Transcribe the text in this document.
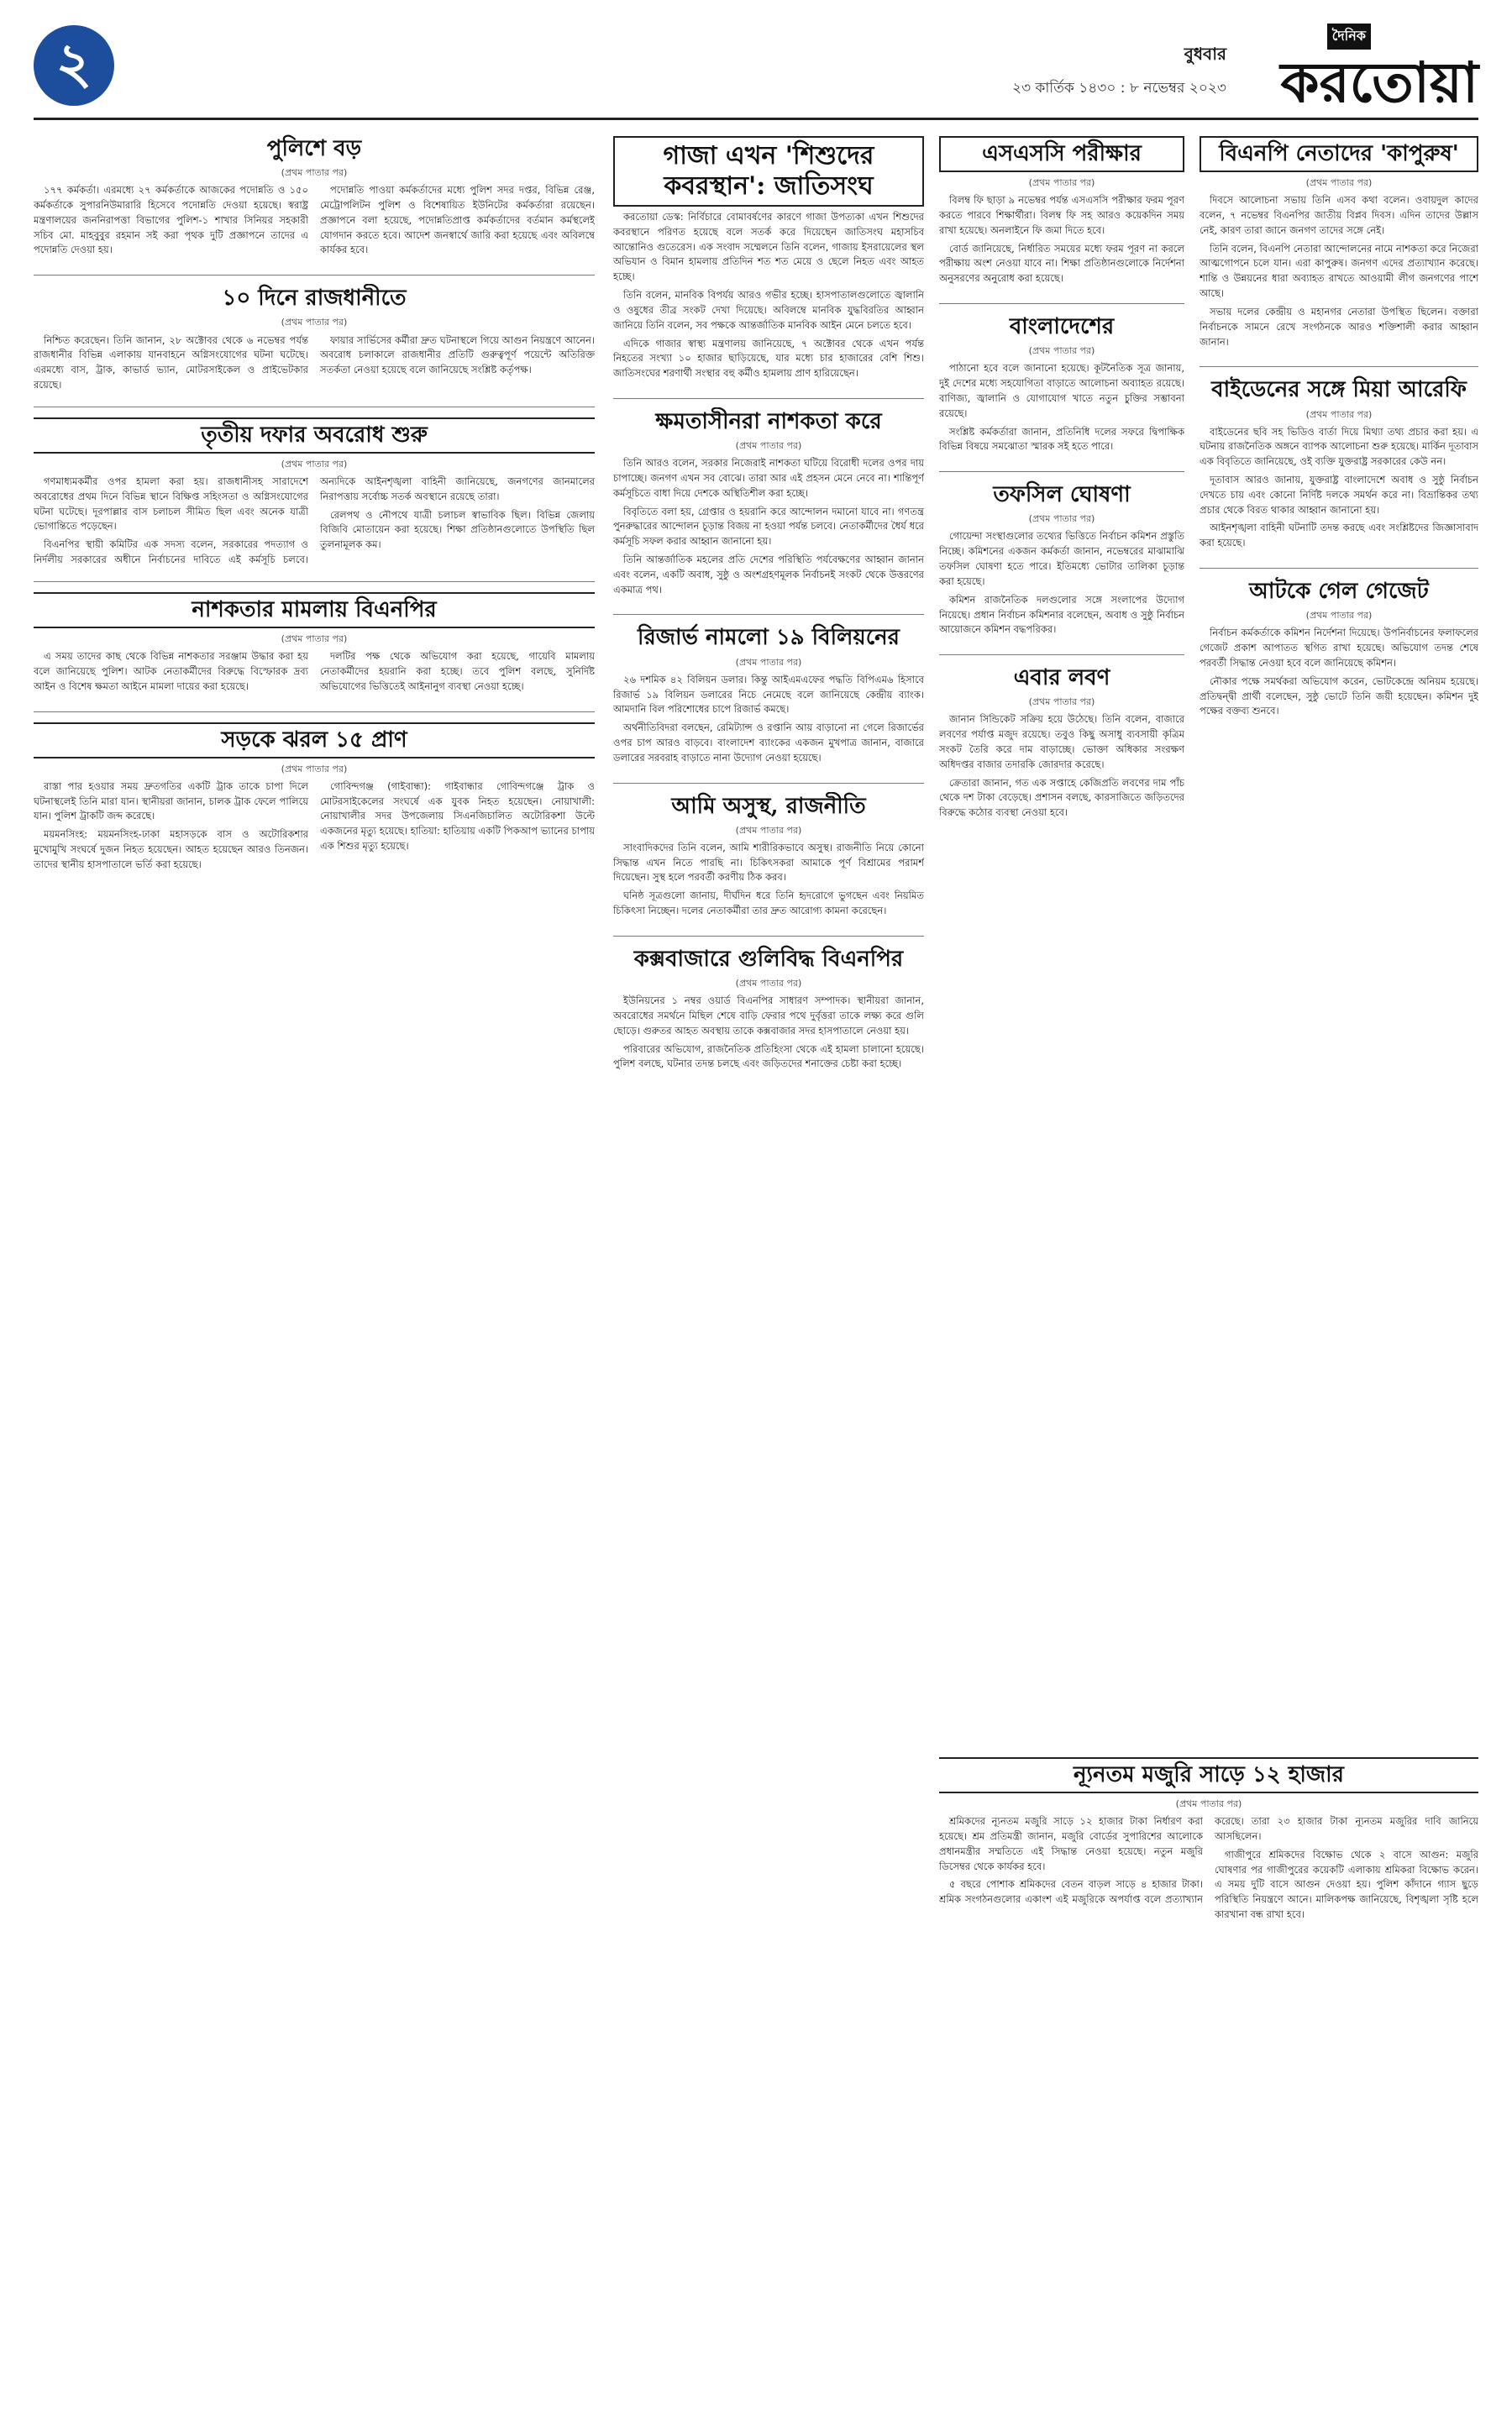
২	বুধবার
২৩ কার্তিক ১৪৩০ : ৮ নভেম্বর ২০২৩
দৈনিক
করতোয়া
পুলিশে বড়
(প্রথম পাতার পর)

১৭৭ কর্মকর্তা। এরমধ্যে ২৭ কর্মকর্তাকে আজকের পদোন্নতি ও ১৫০ কর্মকর্তাকে সুপারনিউমারারি হিসেবে পদোন্নতি দেওয়া হয়েছে। স্বরাষ্ট্র মন্ত্রণালয়ের জননিরাপত্তা বিভাগের পুলিশ-১ শাখার সিনিয়র সহকারী সচিব মো. মাহবুবুর রহমান সই করা পৃথক দুটি প্রজ্ঞাপনে তাদের এ পদোন্নতি দেওয়া হয়।

পদোন্নতি পাওয়া কর্মকর্তাদের মধ্যে পুলিশ সদর দপ্তর, বিভিন্ন রেঞ্জ, মেট্রোপলিটন পুলিশ ও বিশেষায়িত ইউনিটের কর্মকর্তারা রয়েছেন। প্রজ্ঞাপনে বলা হয়েছে, পদোন্নতিপ্রাপ্ত কর্মকর্তাদের বর্তমান কর্মস্থলেই যোগদান করতে হবে। আদেশ জনস্বার্থে জারি করা হয়েছে এবং অবিলম্বে কার্যকর হবে।

১০ দিনে রাজধানীতে
(প্রথম পাতার পর)

নিশ্চিত করেছেন। তিনি জানান, ২৮ অক্টোবর থেকে ৬ নভেম্বর পর্যন্ত রাজধানীর বিভিন্ন এলাকায় যানবাহনে অগ্নিসংযোগের ঘটনা ঘটেছে। এরমধ্যে বাস, ট্রাক, কাভার্ড ভ্যান, মোটরসাইকেল ও প্রাইভেটকার রয়েছে।

ফায়ার সার্ভিসের কর্মীরা দ্রুত ঘটনাস্থলে গিয়ে আগুন নিয়ন্ত্রণে আনেন। অবরোধ চলাকালে রাজধানীর প্রতিটি গুরুত্বপূর্ণ পয়েন্টে অতিরিক্ত সতর্কতা নেওয়া হয়েছে বলে জানিয়েছে সংশ্লিষ্ট কর্তৃপক্ষ।

তৃতীয় দফার অবরোধ শুরু
(প্রথম পাতার পর)

গণমাধ্যমকর্মীর ওপর হামলা করা হয়। রাজধানীসহ সারাদেশে অবরোধের প্রথম দিনে বিভিন্ন স্থানে বিক্ষিপ্ত সহিংসতা ও অগ্নিসংযোগের ঘটনা ঘটেছে। দূরপাল্লার বাস চলাচল সীমিত ছিল এবং অনেক যাত্রী ভোগান্তিতে পড়েছেন।

বিএনপির স্থায়ী কমিটির এক সদস্য বলেন, সরকারের পদত্যাগ ও নির্দলীয় সরকারের অধীনে নির্বাচনের দাবিতে এই কর্মসূচি চলবে। অন্যদিকে আইনশৃঙ্খলা বাহিনী জানিয়েছে, জনগণের জানমালের নিরাপত্তায় সর্বোচ্চ সতর্ক অবস্থানে রয়েছে তারা।

রেলপথ ও নৌপথে যাত্রী চলাচল স্বাভাবিক ছিল। বিভিন্ন জেলায় বিজিবি মোতায়েন করা হয়েছে। শিক্ষা প্রতিষ্ঠানগুলোতে উপস্থিতি ছিল তুলনামূলক কম।

নাশকতার মামলায় বিএনপির
(প্রথম পাতার পর)

এ সময় তাদের কাছ থেকে বিভিন্ন নাশকতার সরঞ্জাম উদ্ধার করা হয় বলে জানিয়েছে পুলিশ। আটক নেতাকর্মীদের বিরুদ্ধে বিস্ফোরক দ্রব্য আইন ও বিশেষ ক্ষমতা আইনে মামলা দায়ের করা হয়েছে।

দলটির পক্ষ থেকে অভিযোগ করা হয়েছে, গায়েবি মামলায় নেতাকর্মীদের হয়রানি করা হচ্ছে। তবে পুলিশ বলছে, সুনির্দিষ্ট অভিযোগের ভিত্তিতেই আইনানুগ ব্যবস্থা নেওয়া হচ্ছে।

সড়কে ঝরল ১৫ প্রাণ
(প্রথম পাতার পর)

রাস্তা পার হওয়ার সময় দ্রুতগতির একটি ট্রাক তাকে চাপা দিলে ঘটনাস্থলেই তিনি মারা যান। স্থানীয়রা জানান, চালক ট্রাক ফেলে পালিয়ে যান। পুলিশ ট্রাকটি জব্দ করেছে।

ময়মনসিংহ: ময়মনসিংহ-ঢাকা মহাসড়কে বাস ও অটোরিকশার মুখোমুখি সংঘর্ষে দুজন নিহত হয়েছেন। আহত হয়েছেন আরও তিনজন। তাদের স্থানীয় হাসপাতালে ভর্তি করা হয়েছে।

গোবিন্দগঞ্জ (গাইবান্ধা): গাইবান্ধার গোবিন্দগঞ্জে ট্রাক ও মোটরসাইকেলের সংঘর্ষে এক যুবক নিহত হয়েছেন। নোয়াখালী: নোয়াখালীর সদর উপজেলায় সিএনজিচালিত অটোরিকশা উল্টে একজনের মৃত্যু হয়েছে। হাতিয়া: হাতিয়ায় একটি পিকআপ ভ্যানের চাপায় এক শিশুর মৃত্যু হয়েছে।

গাজা এখন 'শিশুদের কবরস্থান': জাতিসংঘ

করতোয়া ডেস্ক: নির্বিচারে বোমাবর্ষণের কারণে গাজা উপত্যকা এখন শিশুদের কবরস্থানে পরিণত হয়েছে বলে সতর্ক করে দিয়েছেন জাতিসংঘ মহাসচিব আন্তোনিও গুতেরেস। এক সংবাদ সম্মেলনে তিনি বলেন, গাজায় ইসরায়েলের স্থল অভিযান ও বিমান হামলায় প্রতিদিন শত শত মেয়ে ও ছেলে নিহত এবং আহত হচ্ছে।

তিনি বলেন, মানবিক বিপর্যয় আরও গভীর হচ্ছে। হাসপাতালগুলোতে জ্বালানি ও ওষুধের তীব্র সংকট দেখা দিয়েছে। অবিলম্বে মানবিক যুদ্ধবিরতির আহ্বান জানিয়ে তিনি বলেন, সব পক্ষকে আন্তর্জাতিক মানবিক আইন মেনে চলতে হবে।

এদিকে গাজার স্বাস্থ্য মন্ত্রণালয় জানিয়েছে, ৭ অক্টোবর থেকে এখন পর্যন্ত নিহতের সংখ্যা ১০ হাজার ছাড়িয়েছে, যার মধ্যে চার হাজারের বেশি শিশু। জাতিসংঘের শরণার্থী সংস্থার বহু কর্মীও হামলায় প্রাণ হারিয়েছেন।

ক্ষমতাসীনরা নাশকতা করে
(প্রথম পাতার পর)

তিনি আরও বলেন, সরকার নিজেরাই নাশকতা ঘটিয়ে বিরোধী দলের ওপর দায় চাপাচ্ছে। জনগণ এখন সব বোঝে। তারা আর এই প্রহসন মেনে নেবে না। শান্তিপূর্ণ কর্মসূচিতে বাধা দিয়ে দেশকে অস্থিতিশীল করা হচ্ছে।

বিবৃতিতে বলা হয়, গ্রেপ্তার ও হয়রানি করে আন্দোলন দমানো যাবে না। গণতন্ত্র পুনরুদ্ধারের আন্দোলন চূড়ান্ত বিজয় না হওয়া পর্যন্ত চলবে। নেতাকর্মীদের ধৈর্য ধরে কর্মসূচি সফল করার আহ্বান জানানো হয়।

তিনি আন্তর্জাতিক মহলের প্রতি দেশের পরিস্থিতি পর্যবেক্ষণের আহ্বান জানান এবং বলেন, একটি অবাধ, সুষ্ঠু ও অংশগ্রহণমূলক নির্বাচনই সংকট থেকে উত্তরণের একমাত্র পথ।

রিজার্ভ নামলো ১৯ বিলিয়নের
(প্রথম পাতার পর)

২৬ দশমিক ৪২ বিলিয়ন ডলার। কিন্তু আইএমএফের পদ্ধতি বিপিএম৬ হিসাবে রিজার্ভ ১৯ বিলিয়ন ডলারের নিচে নেমেছে বলে জানিয়েছে কেন্দ্রীয় ব্যাংক। আমদানি বিল পরিশোধের চাপে রিজার্ভ কমছে।

অর্থনীতিবিদরা বলছেন, রেমিট্যান্স ও রপ্তানি আয় বাড়ানো না গেলে রিজার্ভের ওপর চাপ আরও বাড়বে। বাংলাদেশ ব্যাংকের একজন মুখপাত্র জানান, বাজারে ডলারের সরবরাহ বাড়াতে নানা উদ্যোগ নেওয়া হয়েছে।

আমি অসুস্থ, রাজনীতি
(প্রথম পাতার পর)

সাংবাদিকদের তিনি বলেন, আমি শারীরিকভাবে অসুস্থ। রাজনীতি নিয়ে কোনো সিদ্ধান্ত এখন নিতে পারছি না। চিকিৎসকরা আমাকে পূর্ণ বিশ্রামের পরামর্শ দিয়েছেন। সুস্থ হলে পরবর্তী করণীয় ঠিক করব।

ঘনিষ্ঠ সূত্রগুলো জানায়, দীর্ঘদিন ধরে তিনি হৃদরোগে ভুগছেন এবং নিয়মিত চিকিৎসা নিচ্ছেন। দলের নেতাকর্মীরা তার দ্রুত আরোগ্য কামনা করেছেন।

কক্সবাজারে গুলিবিদ্ধ বিএনপির
(প্রথম পাতার পর)

ইউনিয়নের ১ নম্বর ওয়ার্ড বিএনপির সাধারণ সম্পাদক। স্থানীয়রা জানান, অবরোধের সমর্থনে মিছিল শেষে বাড়ি ফেরার পথে দুর্বৃত্তরা তাকে লক্ষ্য করে গুলি ছোড়ে। গুরুতর আহত অবস্থায় তাকে কক্সবাজার সদর হাসপাতালে নেওয়া হয়।

পরিবারের অভিযোগ, রাজনৈতিক প্রতিহিংসা থেকে এই হামলা চালানো হয়েছে। পুলিশ বলছে, ঘটনার তদন্ত চলছে এবং জড়িতদের শনাক্তের চেষ্টা করা হচ্ছে।

এসএসসি পরীক্ষার
(প্রথম পাতার পর)

বিলম্ব ফি ছাড়া ৯ নভেম্বর পর্যন্ত এসএসসি পরীক্ষার ফরম পূরণ করতে পারবে শিক্ষার্থীরা। বিলম্ব ফি সহ আরও কয়েকদিন সময় রাখা হয়েছে। অনলাইনে ফি জমা দিতে হবে।

বোর্ড জানিয়েছে, নির্ধারিত সময়ের মধ্যে ফরম পূরণ না করলে পরীক্ষায় অংশ নেওয়া যাবে না। শিক্ষা প্রতিষ্ঠানগুলোকে নির্দেশনা অনুসরণের অনুরোধ করা হয়েছে।

বাংলাদেশের
(প্রথম পাতার পর)

পাঠানো হবে বলে জানানো হয়েছে। কূটনৈতিক সূত্র জানায়, দুই দেশের মধ্যে সহযোগিতা বাড়াতে আলোচনা অব্যাহত রয়েছে। বাণিজ্য, জ্বালানি ও যোগাযোগ খাতে নতুন চুক্তির সম্ভাবনা রয়েছে।

সংশ্লিষ্ট কর্মকর্তারা জানান, প্রতিনিধি দলের সফরে দ্বিপাক্ষিক বিভিন্ন বিষয়ে সমঝোতা স্মারক সই হতে পারে।

তফসিল ঘোষণা
(প্রথম পাতার পর)

গোয়েন্দা সংস্থাগুলোর তথ্যের ভিত্তিতে নির্বাচন কমিশন প্রস্তুতি নিচ্ছে। কমিশনের একজন কর্মকর্তা জানান, নভেম্বরের মাঝামাঝি তফসিল ঘোষণা হতে পারে। ইতিমধ্যে ভোটার তালিকা চূড়ান্ত করা হয়েছে।

কমিশন রাজনৈতিক দলগুলোর সঙ্গে সংলাপের উদ্যোগ নিয়েছে। প্রধান নির্বাচন কমিশনার বলেছেন, অবাধ ও সুষ্ঠু নির্বাচন আয়োজনে কমিশন বদ্ধপরিকর।

এবার লবণ
(প্রথম পাতার পর)

জানান সিন্ডিকেট সক্রিয় হয়ে উঠেছে। তিনি বলেন, বাজারে লবণের পর্যাপ্ত মজুদ রয়েছে। তবুও কিছু অসাধু ব্যবসায়ী কৃত্রিম সংকট তৈরি করে দাম বাড়াচ্ছে। ভোক্তা অধিকার সংরক্ষণ অধিদপ্তর বাজার তদারকি জোরদার করেছে।

ক্রেতারা জানান, গত এক সপ্তাহে কেজিপ্রতি লবণের দাম পাঁচ থেকে দশ টাকা বেড়েছে। প্রশাসন বলছে, কারসাজিতে জড়িতদের বিরুদ্ধে কঠোর ব্যবস্থা নেওয়া হবে।

বিএনপি নেতাদের 'কাপুরুষ'
(প্রথম পাতার পর)

দিবসে আলোচনা সভায় তিনি এসব কথা বলেন। ওবায়দুল কাদের বলেন, ৭ নভেম্বর বিএনপির জাতীয় বিপ্লব দিবস। এদিন তাদের উল্লাস নেই, কারণ তারা জানে জনগণ তাদের সঙ্গে নেই।

তিনি বলেন, বিএনপি নেতারা আন্দোলনের নামে নাশকতা করে নিজেরা আত্মগোপনে চলে যান। এরা কাপুরুষ। জনগণ এদের প্রত্যাখ্যান করেছে। শান্তি ও উন্নয়নের ধারা অব্যাহত রাখতে আওয়ামী লীগ জনগণের পাশে আছে।

সভায় দলের কেন্দ্রীয় ও মহানগর নেতারা উপস্থিত ছিলেন। বক্তারা নির্বাচনকে সামনে রেখে সংগঠনকে আরও শক্তিশালী করার আহ্বান জানান।

বাইডেনের সঙ্গে মিয়া আরেফি
(প্রথম পাতার পর)

বাইডেনের ছবি সহ ভিডিও বার্তা দিয়ে মিথ্যা তথ্য প্রচার করা হয়। এ ঘটনায় রাজনৈতিক অঙ্গনে ব্যাপক আলোচনা শুরু হয়েছে। মার্কিন দূতাবাস এক বিবৃতিতে জানিয়েছে, ওই ব্যক্তি যুক্তরাষ্ট্র সরকারের কেউ নন।

দূতাবাস আরও জানায়, যুক্তরাষ্ট্র বাংলাদেশে অবাধ ও সুষ্ঠু নির্বাচন দেখতে চায় এবং কোনো নির্দিষ্ট দলকে সমর্থন করে না। বিভ্রান্তিকর তথ্য প্রচার থেকে বিরত থাকার আহ্বান জানানো হয়।

আইনশৃঙ্খলা বাহিনী ঘটনাটি তদন্ত করছে এবং সংশ্লিষ্টদের জিজ্ঞাসাবাদ করা হয়েছে।

আটকে গেল গেজেট
(প্রথম পাতার পর)

নির্বাচন কর্মকর্তাকে কমিশন নির্দেশনা দিয়েছে। উপনির্বাচনের ফলাফলের গেজেট প্রকাশ আপাতত স্থগিত রাখা হয়েছে। অভিযোগ তদন্ত শেষে পরবর্তী সিদ্ধান্ত নেওয়া হবে বলে জানিয়েছে কমিশন।

নৌকার পক্ষে সমর্থকরা অভিযোগ করেন, ভোটকেন্দ্রে অনিয়ম হয়েছে। প্রতিদ্বন্দ্বী প্রার্থী বলেছেন, সুষ্ঠু ভোটে তিনি জয়ী হয়েছেন। কমিশন দুই পক্ষের বক্তব্য শুনবে।

ন্যূনতম মজুরি সাড়ে ১২ হাজার
(প্রথম পাতার পর)

শ্রমিকদের ন্যূনতম মজুরি সাড়ে ১২ হাজার টাকা নির্ধারণ করা হয়েছে। শ্রম প্রতিমন্ত্রী জানান, মজুরি বোর্ডের সুপারিশের আলোকে প্রধানমন্ত্রীর সম্মতিতে এই সিদ্ধান্ত নেওয়া হয়েছে। নতুন মজুরি ডিসেম্বর থেকে কার্যকর হবে।

৫ বছরে পোশাক শ্রমিকদের বেতন বাড়ল সাড়ে ৪ হাজার টাকা। শ্রমিক সংগঠনগুলোর একাংশ এই মজুরিকে অপর্যাপ্ত বলে প্রত্যাখ্যান করেছে। তারা ২৩ হাজার টাকা ন্যূনতম মজুরির দাবি জানিয়ে আসছিলেন।

গাজীপুরে শ্রমিকদের বিক্ষোভ থেকে ২ বাসে আগুন: মজুরি ঘোষণার পর গাজীপুরের কয়েকটি এলাকায় শ্রমিকরা বিক্ষোভ করেন। এ সময় দুটি বাসে আগুন দেওয়া হয়। পুলিশ কাঁদানে গ্যাস ছুড়ে পরিস্থিতি নিয়ন্ত্রণে আনে। মালিকপক্ষ জানিয়েছে, বিশৃঙ্খলা সৃষ্টি হলে কারখানা বন্ধ রাখা হবে।
